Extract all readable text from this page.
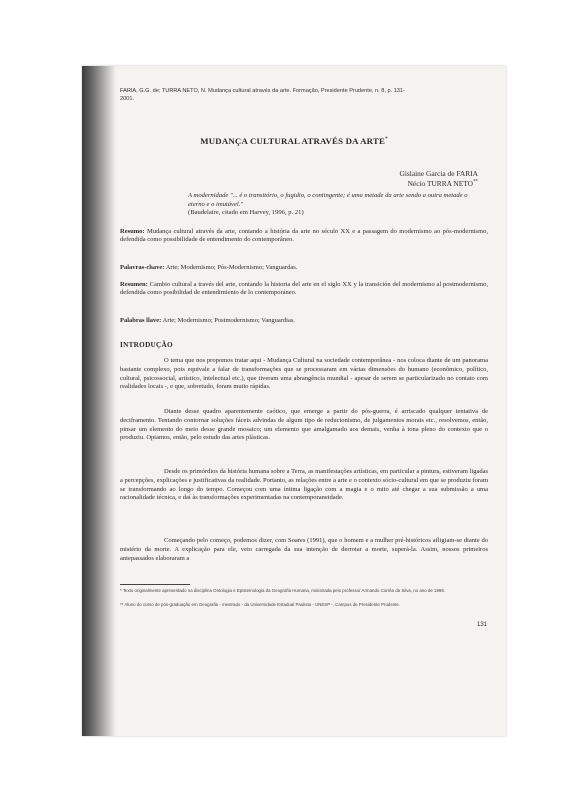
FARIA, G.G. de; TURRA NETO, N. Mudança cultural através da arte. Formação, Presidente Prudente, n. 8, p. 131-
2001.
MUDANÇA CULTURAL ATRAVÉS DA ARTE*
Gislaine Garcia de FARIA
Nécio TURRA NETO**
A modernidade "... é o transitório, o fugidio, o contingente; é uma metade da arte sendo a outra metade o eterno e o imutável."
(Baudelaire, citado em Harvey, 1996, p. 21)
Resumo: Mudança cultural através da arte, contando a história da arte no século XX e a passagem do modernismo ao pós-modernismo, defendida como possibilidade de entendimento do contemporâneo.
Palavras-chave: Arte; Modernismo; Pós-Modernismo; Vanguardas.
Resumen: Cambio cultural a través del arte, contando la historia del arte en el siglo XX y la transición del modernismo al postmodernismo, defendida como posibilidad de entendimiento de lo contemporáneo.
Palabras llave: Arte; Modernismo; Postmodernismo; Vanguardias.
INTRODUÇÃO
O tema que nos propomos tratar aqui - Mudança Cultural na sociedade contemporânea - nos coloca diante de um panorama bastante complexo, pois equivale a falar de transformações que se processaram em várias dimensões do humano (econômico, político, cultural, psicossocial, artístico, intelectual etc.), que tiveram uma abrangência mundial - apesar de serem se particularizado no contato com realidades locais -, e que, sobretudo, foram muito rápidas.
Diante desse quadro aparentemente caótico, que emerge a partir do pós-guerra, é arriscado qualquer tentativa de deciframento. Tentando contornar soluções fáceis advindas de algum tipo de reducionismo, de julgamentos morais etc., resolvemos, então, pinsar um elemento do meio desse grande mosaico; um elemento que amalgamado aos demais, venha à tona pleno do contexto que o produziu. Optamos, então, pelo estudo das artes plásticas.
Desde os primórdios da história humana sobre a Terra, as manifestações artísticas, em particular a pintura, estiveram ligadas a percepções, explicações e justificativas da realidade. Portanto, as relações entre a arte e o contexto sócio-cultural em que se produziu foram se transformando ao longo do tempo. Começou com uma íntima ligação com a magia e o mito até chegar a sua submissão a uma racionalidade técnica, e daí às transformações experimentadas na contemporaneidade.
Começando pelo começo, podemos dizer, com Soares (1991), que o homem e a mulher pré-históricos afligiam-se diante do mistério da morte. A explicação para ele, veio carregada da sua intenção de derrotar a morte, superá-la. Assim, nossos primeiros antepassados elaboraram a
* Texto originalmente apresentado na disciplina Ontologia e Epistemologia da Geografia Humana, ministrada pelo professor Armando Corrêa da Silva, no ano de 1999.
** Aluno do curso de pós-graduação em Geografia - mestrado - da Universidade Estadual Paulista - UNESP -, Campus de Presidente Prudente.
131
